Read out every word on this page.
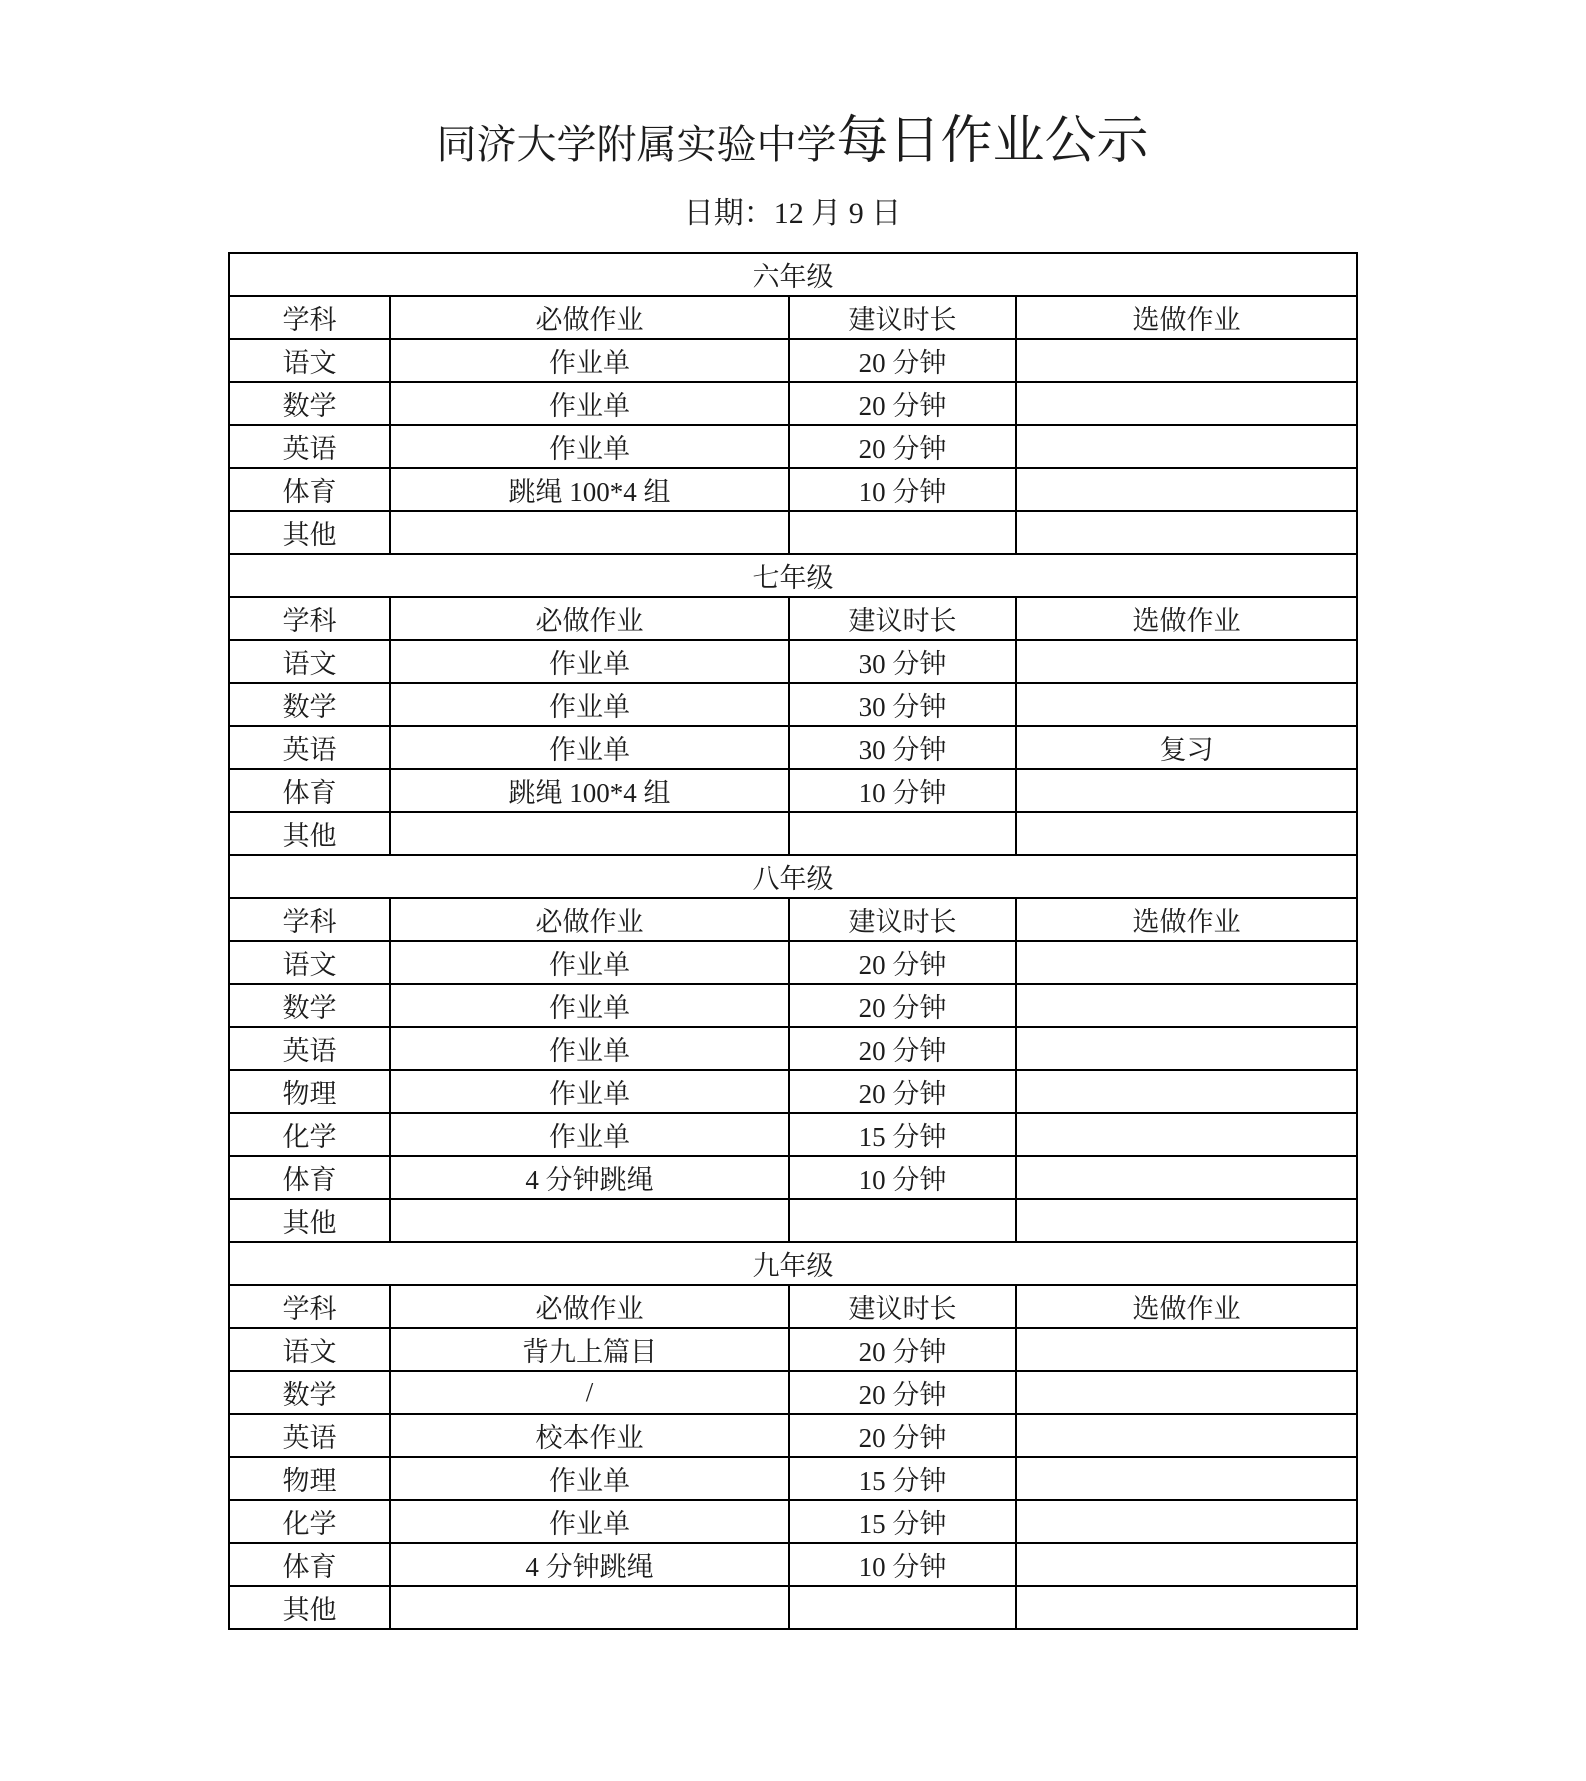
同济大学附属实验中学每日作业公示
日期：12 月 9 日
六年级			
学科	必做作业	建议时长	选做作业
语文	作业单	20 分钟	
数学	作业单	20 分钟	
英语	作业单	20 分钟	
体育	跳绳 100*4 组	10 分钟	
其他			
七年级			
学科	必做作业	建议时长	选做作业
语文	作业单	30 分钟	
数学	作业单	30 分钟	
英语	作业单	30 分钟	复习
体育	跳绳 100*4 组	10 分钟	
其他			
八年级			
学科	必做作业	建议时长	选做作业
语文	作业单	20 分钟	
数学	作业单	20 分钟	
英语	作业单	20 分钟	
物理	作业单	20 分钟	
化学	作业单	15 分钟	
体育	4 分钟跳绳	10 分钟	
其他			
九年级			
学科	必做作业	建议时长	选做作业
语文	背九上篇目	20 分钟	
数学	/	20 分钟	
英语	校本作业	20 分钟	
物理	作业单	15 分钟	
化学	作业单	15 分钟	
体育	4 分钟跳绳	10 分钟	
其他			
